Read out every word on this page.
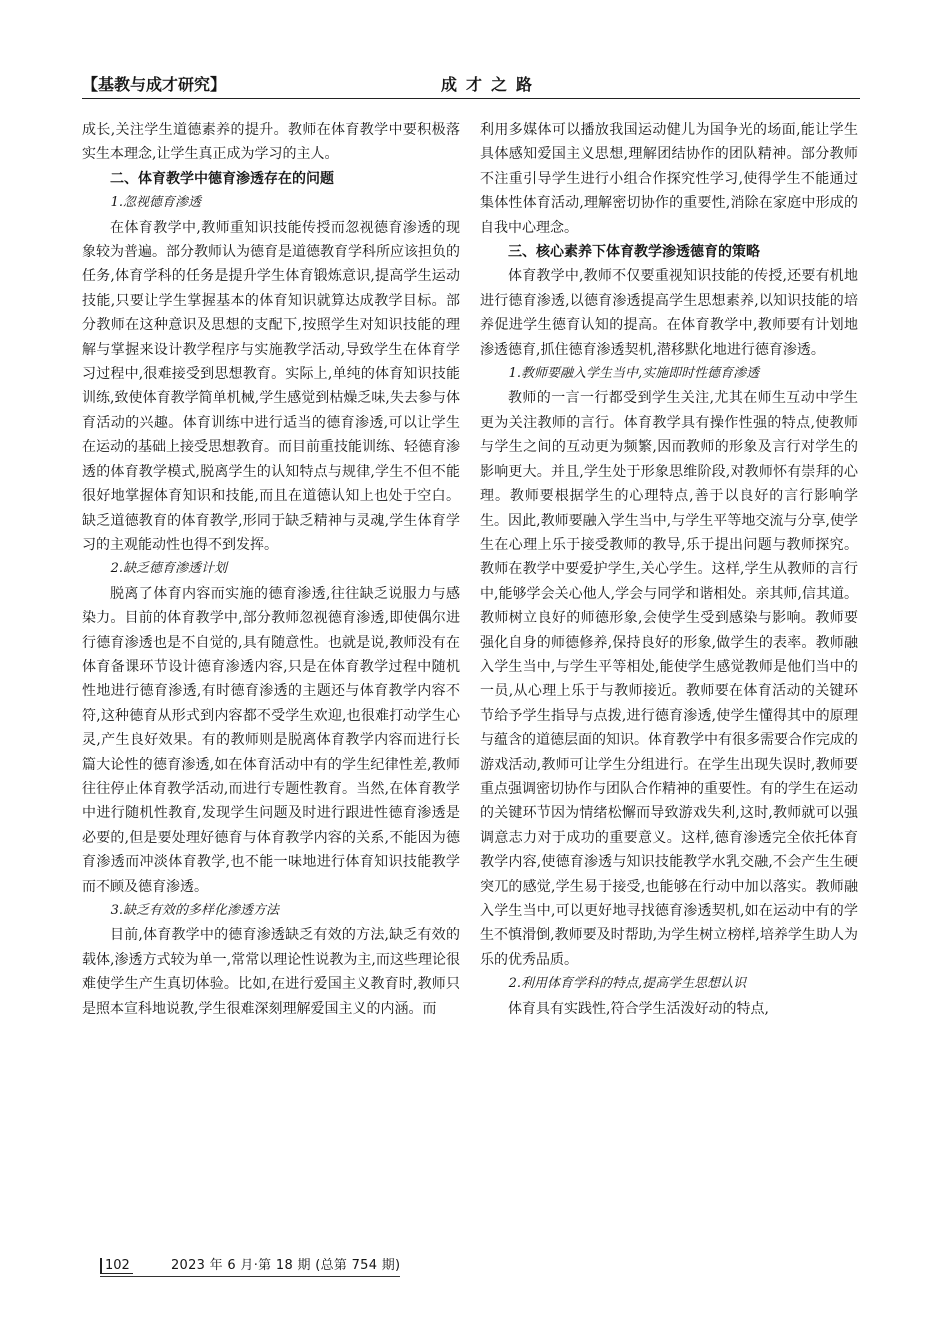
【基教与成才研究】	成才之路

成长,关注学生道德素养的提升。教师在体育教学中要积极落实生本理念,让学生真正成为学习的主人。

二、体育教学中德育渗透存在的问题
1.忽视德育渗透

在体育教学中,教师重知识技能传授而忽视德育渗透的现象较为普遍。部分教师认为德育是道德教育学科所应该担负的任务,体育学科的任务是提升学生体育锻炼意识,提高学生运动技能,只要让学生掌握基本的体育知识就算达成教学目标。部分教师在这种意识及思想的支配下,按照学生对知识技能的理解与掌握来设计教学程序与实施教学活动,导致学生在体育学习过程中,很难接受到思想教育。实际上,单纯的体育知识技能训练,致使体育教学简单机械,学生感觉到枯燥乏味,失去参与体育活动的兴趣。体育训练中进行适当的德育渗透,可以让学生在运动的基础上接受思想教育。而目前重技能训练、轻德育渗透的体育教学模式,脱离学生的认知特点与规律,学生不但不能很好地掌握体育知识和技能,而且在道德认知上也处于空白。缺乏道德教育的体育教学,形同于缺乏精神与灵魂,学生体育学习的主观能动性也得不到发挥。

2.缺乏德育渗透计划

脱离了体育内容而实施的德育渗透,往往缺乏说服力与感染力。目前的体育教学中,部分教师忽视德育渗透,即使偶尔进行德育渗透也是不自觉的,具有随意性。也就是说,教师没有在体育备课环节设计德育渗透内容,只是在体育教学过程中随机性地进行德育渗透,有时德育渗透的主题还与体育教学内容不符,这种德育从形式到内容都不受学生欢迎,也很难打动学生心灵,产生良好效果。有的教师则是脱离体育教学内容而进行长篇大论性的德育渗透,如在体育活动中有的学生纪律性差,教师往往停止体育教学活动,而进行专题性教育。当然,在体育教学中进行随机性教育,发现学生问题及时进行跟进性德育渗透是必要的,但是要处理好德育与体育教学内容的关系,不能因为德育渗透而冲淡体育教学,也不能一味地进行体育知识技能教学而不顾及德育渗透。

3.缺乏有效的多样化渗透方法

目前,体育教学中的德育渗透缺乏有效的方法,缺乏有效的载体,渗透方式较为单一,常常以理论性说教为主,而这些理论很难使学生产生真切体验。比如,在进行爱国主义教育时,教师只是照本宣科地说教,学生很难深刻理解爱国主义的内涵。而

利用多媒体可以播放我国运动健儿为国争光的场面,能让学生具体感知爱国主义思想,理解团结协作的团队精神。部分教师不注重引导学生进行小组合作探究性学习,使得学生不能通过集体性体育活动,理解密切协作的重要性,消除在家庭中形成的自我中心理念。

三、核心素养下体育教学渗透德育的策略

体育教学中,教师不仅要重视知识技能的传授,还要有机地进行德育渗透,以德育渗透提高学生思想素养,以知识技能的培养促进学生德育认知的提高。在体育教学中,教师要有计划地渗透德育,抓住德育渗透契机,潜移默化地进行德育渗透。

1.教师要融入学生当中,实施即时性德育渗透

教师的一言一行都受到学生关注,尤其在师生互动中学生更为关注教师的言行。体育教学具有操作性强的特点,使教师与学生之间的互动更为频繁,因而教师的形象及言行对学生的影响更大。并且,学生处于形象思维阶段,对教师怀有崇拜的心理。教师要根据学生的心理特点,善于以良好的言行影响学生。因此,教师要融入学生当中,与学生平等地交流与分享,使学生在心理上乐于接受教师的教导,乐于提出问题与教师探究。教师在教学中要爱护学生,关心学生。这样,学生从教师的言行中,能够学会关心他人,学会与同学和谐相处。亲其师,信其道。教师树立良好的师德形象,会使学生受到感染与影响。教师要强化自身的师德修养,保持良好的形象,做学生的表率。教师融入学生当中,与学生平等相处,能使学生感觉教师是他们当中的一员,从心理上乐于与教师接近。教师要在体育活动的关键环节给予学生指导与点拨,进行德育渗透,使学生懂得其中的原理与蕴含的道德层面的知识。体育教学中有很多需要合作完成的游戏活动,教师可让学生分组进行。在学生出现失误时,教师要重点强调密切协作与团队合作精神的重要性。有的学生在运动的关键环节因为情绪松懈而导致游戏失利,这时,教师就可以强调意志力对于成功的重要意义。这样,德育渗透完全依托体育教学内容,使德育渗透与知识技能教学水乳交融,不会产生生硬突兀的感觉,学生易于接受,也能够在行动中加以落实。教师融入学生当中,可以更好地寻找德育渗透契机,如在运动中有的学生不慎滑倒,教师要及时帮助,为学生树立榜样,培养学生助人为乐的优秀品质。

2.利用体育学科的特点,提高学生思想认识

体育具有实践性,符合学生活泼好动的特点,

102	2023 年 6 月·第 18 期 (总第 754 期)
